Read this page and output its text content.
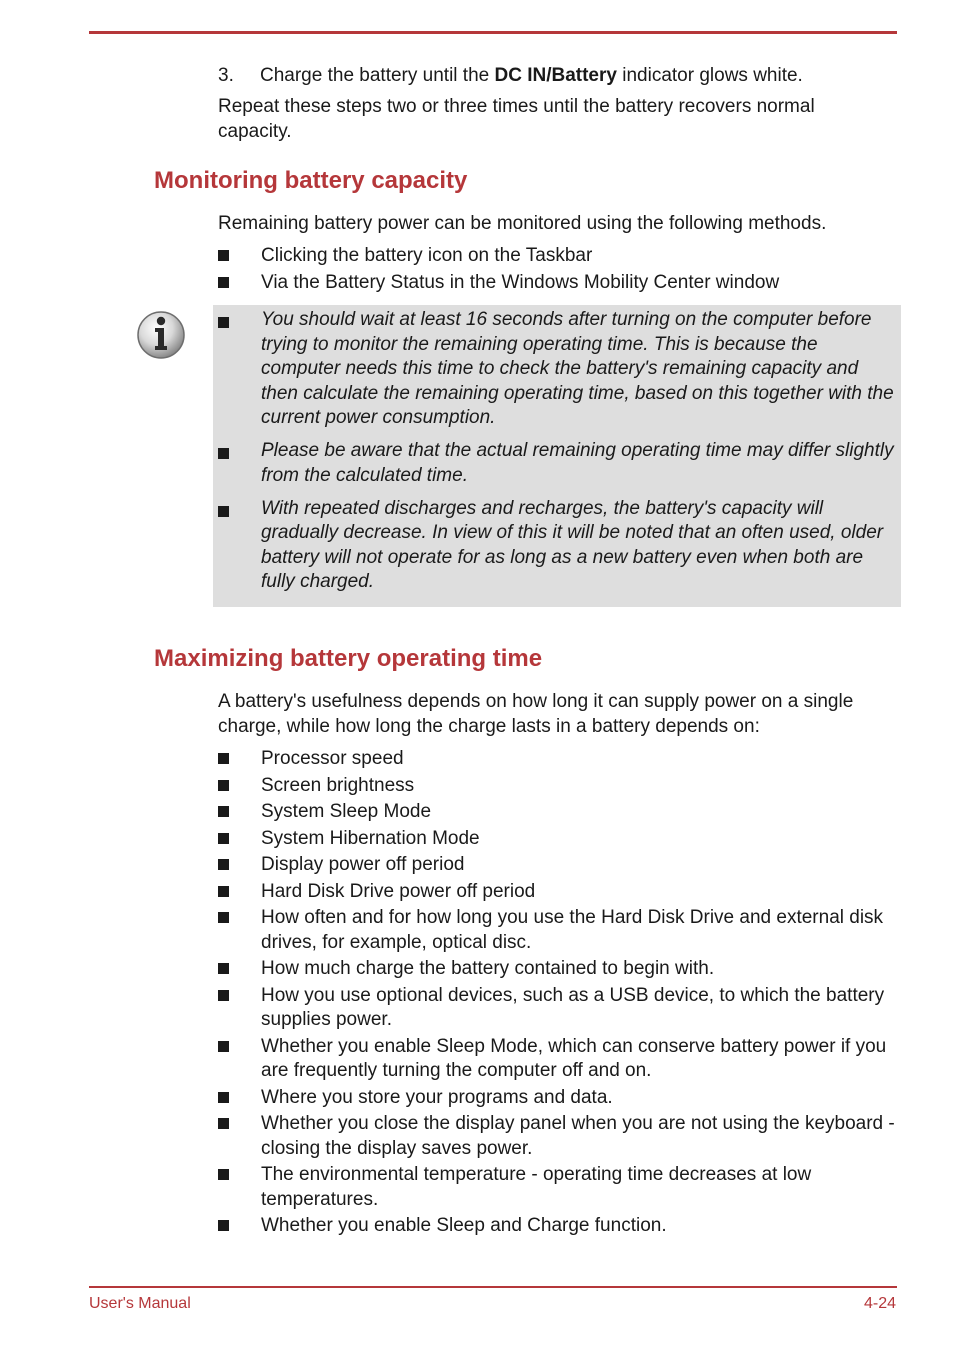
3.	Charge the battery until the DC IN/Battery indicator glows white.
Repeat these steps two or three times until the battery recovers normal capacity.
Monitoring battery capacity
Remaining battery power can be monitored using the following methods.
Clicking the battery icon on the Taskbar
Via the Battery Status in the Windows Mobility Center window
You should wait at least 16 seconds after turning on the computer before trying to monitor the remaining operating time. This is because the computer needs this time to check the battery's remaining capacity and then calculate the remaining operating time, based on this together with the current power consumption.
Please be aware that the actual remaining operating time may differ slightly from the calculated time.
With repeated discharges and recharges, the battery's capacity will gradually decrease. In view of this it will be noted that an often used, older battery will not operate for as long as a new battery even when both are fully charged.
Maximizing battery operating time
A battery's usefulness depends on how long it can supply power on a single charge, while how long the charge lasts in a battery depends on:
Processor speed
Screen brightness
System Sleep Mode
System Hibernation Mode
Display power off period
Hard Disk Drive power off period
How often and for how long you use the Hard Disk Drive and external disk drives, for example, optical disc.
How much charge the battery contained to begin with.
How you use optional devices, such as a USB device, to which the battery supplies power.
Whether you enable Sleep Mode, which can conserve battery power if you are frequently turning the computer off and on.
Where you store your programs and data.
Whether you close the display panel when you are not using the keyboard - closing the display saves power.
The environmental temperature - operating time decreases at low temperatures.
Whether you enable Sleep and Charge function.
User's Manual	4-24
